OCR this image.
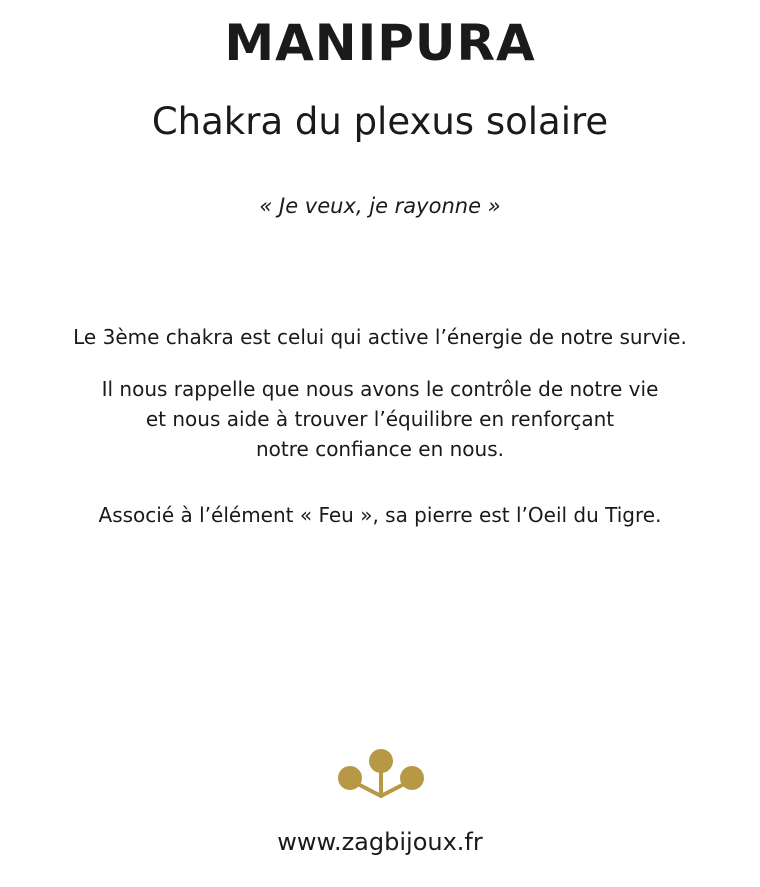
MANIPURA
Chakra du plexus solaire
« Je veux, je rayonne »
Le 3ème chakra est celui qui active l’énergie de notre survie.
Il nous rappelle que nous avons le contrôle de notre vie
et nous aide à trouver l’équilibre en renforçant
notre confiance en nous.
Associé à l’élément « Feu », sa pierre est l’Oeil du Tigre.
www.zagbijoux.fr
